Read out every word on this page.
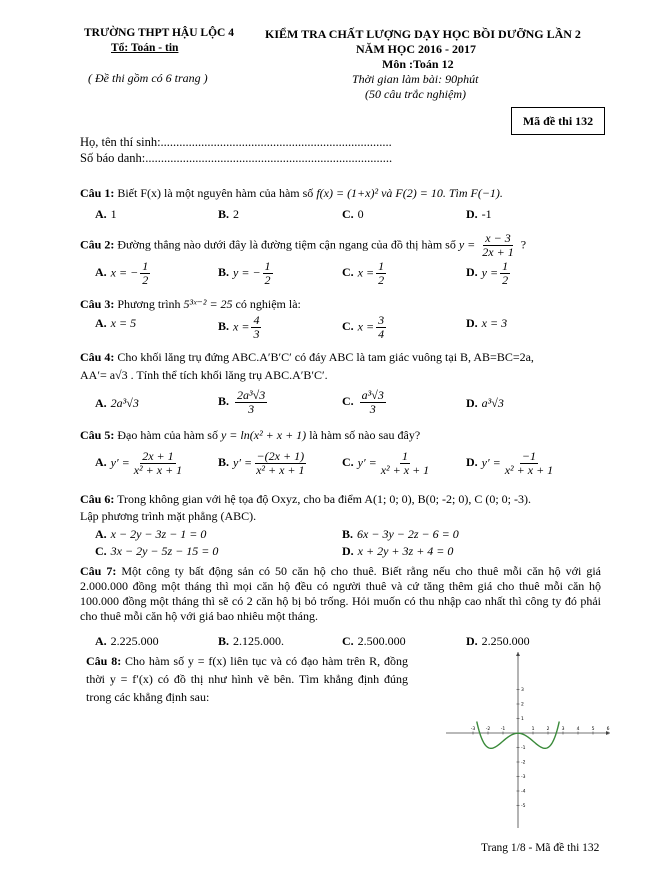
TRƯỜNG THPT HẬU LỘC 4
Tổ: Toán - tin
( Đề thi gồm có 6 trang )
KIỂM TRA CHẤT LƯỢNG DẠY HỌC BỒI DƯỠNG LẦN 2
NĂM HỌC 2016 - 2017
Môn :Toán 12
Thời gian làm bài: 90phút
(50 câu trắc nghiệm)
Mã đề thi 132
Họ, tên thí sinh:..........................................................................
Số báo danh:...............................................................................
Câu 1: Biết F(x) là một nguyên hàm của hàm số f(x) = (1+x)² và F(2) = 10. Tìm F(−1).
A. 1	B. 2	C. 0	D. -1
Câu 2: Đường thẳng nào dưới đây là đường tiệm cận ngang của đồ thị hàm số $y = \frac{x - 3}{2x + 1}$ ?
A. x = − $\frac{1}{2}$	B. y = − $\frac{1}{2}$	C. $x = \frac{1}{2}$	D. $y = \frac{1}{2}$
Câu 3: Phương trình 5³ˣ⁻² = 25 có nghiệm là:
A. x = 5	B. $x = \frac{4}{3}$	C. $x = \frac{3}{4}$	D. x = 3
Câu 4: Cho khối lăng trụ đứng ABC.A′B′C′ có đáy ABC là tam giác vuông tại B, AB=BC=2a,
AA′= a√3 . Tính thể tích khối lăng trụ ABC.A′B′C′.
A. 2a³√3	B. $\frac{\text{2a³√3}}{3}$	C. $\frac{\text{a³√3}}{3}$	D. a³√3
Câu 5: Đạo hàm của hàm số y = ln(x² + x + 1) là hàm số nào sau đây?
A. $y' = \frac{2x + 1}{\text{x² + x + 1}}$	B. $y' = \frac{-(2x + 1)}{\text{x² + x + 1}}$	C. $y' = \frac{1}{\text{x² + x + 1}}$	D. $y' = \frac{-1}{\text{x² + x + 1}}$
Câu 6: Trong không gian với hệ tọa độ Oxyz, cho ba điểm A(1; 0; 0), B(0; -2; 0), C (0; 0; -3).
Lập phương trình mặt phẳng (ABC).
A. x − 2y − 3z − 1 = 0	B. 6x − 3y − 2z − 6 = 0
C. 3x − 2y − 5z − 15 = 0	D. x + 2y + 3z + 4 = 0
Câu 7: Một công ty bất động sản có 50 căn hộ cho thuê. Biết rằng nếu cho thuê mỗi căn hộ với giá 2.000.000 đồng một tháng thì mọi căn hộ đều có người thuê và cứ tăng thêm giá cho thuê mỗi căn hộ 100.000 đồng một tháng thì sẽ có 2 căn hộ bị bỏ trống. Hỏi muốn có thu nhập cao nhất thì công ty đó phải cho thuê mỗi căn hộ với giá bao nhiêu một tháng.
A. 2.225.000	B. 2.125.000.	C. 2.500.000	D. 2.250.000
Câu 8: Cho hàm số y = f(x) liên tục và có đạo hàm trên R, đồng thời y = f′(x) có đồ thị như hình vẽ bên. Tìm khẳng định đúng trong các khẳng định sau:
-3 -2 -1	1	2	3	4	5	6
3
2
1
-1
-2
-3
-4
-5
Trang 1/8 - Mã đề thi 132
